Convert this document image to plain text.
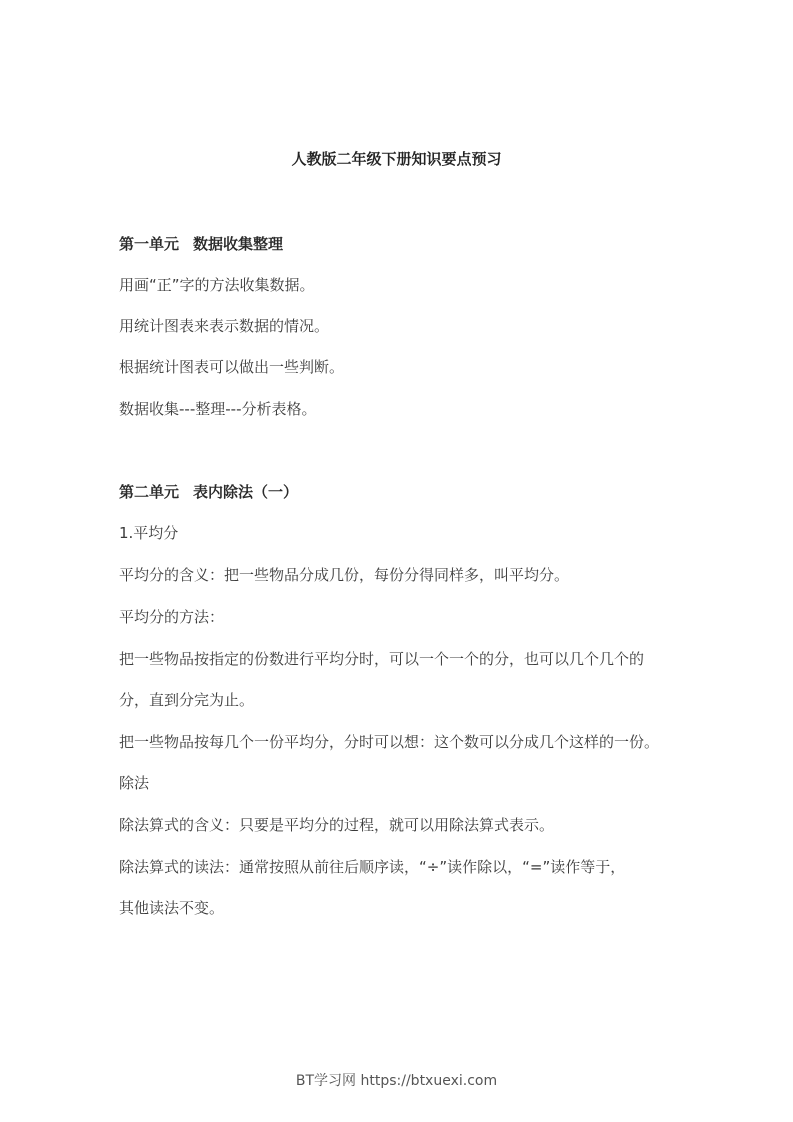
人教版二年级下册知识要点预习
第一单元 数据收集整理
用画“正”字的方法收集数据。
用统计图表来表示数据的情况。
根据统计图表可以做出一些判断。
数据收集---整理---分析表格。
第二单元 表内除法（一）
1.平均分
平均分的含义：把一些物品分成几份，每份分得同样多，叫平均分。
平均分的方法：
把一些物品按指定的份数进行平均分时，可以一个一个的分，也可以几个几个的
分，直到分完为止。
把一些物品按每几个一份平均分，分时可以想：这个数可以分成几个这样的一份。
除法
除法算式的含义：只要是平均分的过程，就可以用除法算式表示。
除法算式的读法：通常按照从前往后顺序读，“÷”读作除以，“=”读作等于，
其他读法不变。
BT学习网 https://btxuexi.com
